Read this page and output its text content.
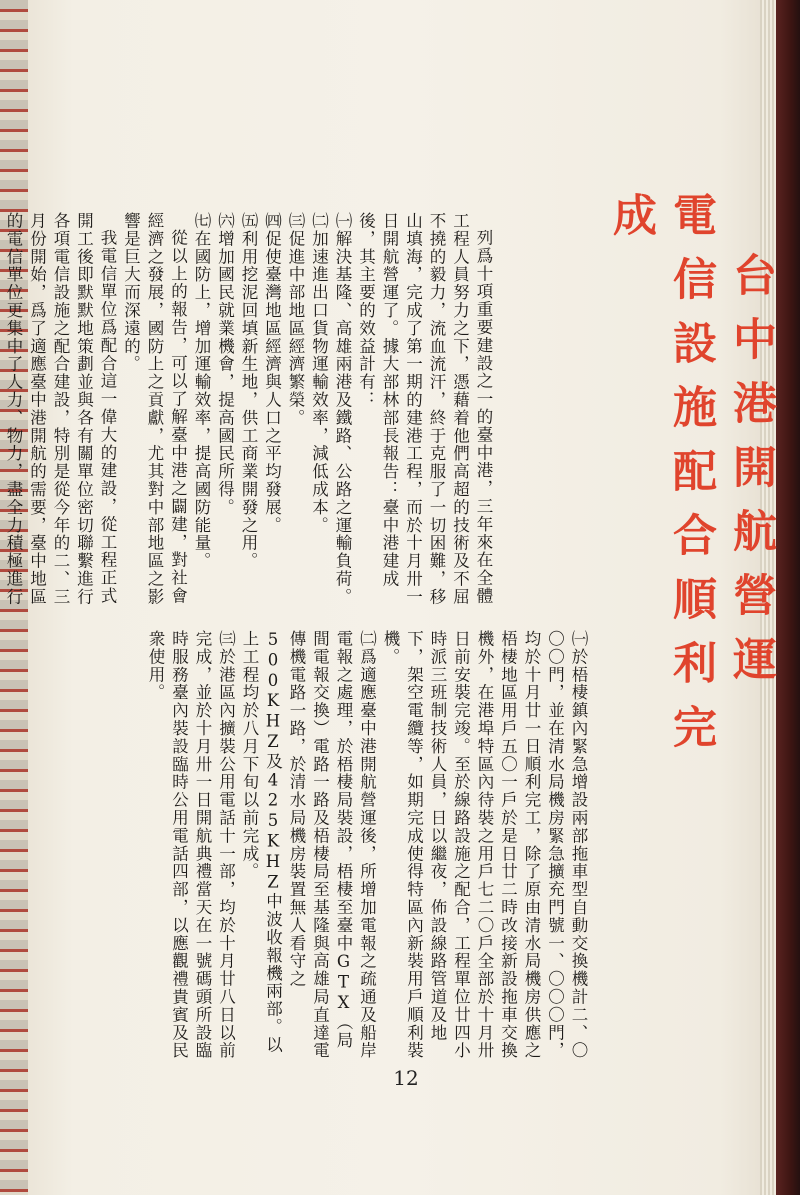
台中港開航營運
電信設施配合順利完成

列爲十項重要建設之一的臺中港，三年來在全體工程人員努力之下，憑藉着他們高超的技術及不屈不撓的毅力，流血流汗，終于克服了一切困難，移山填海，完成了第一期的建港工程，而於十月卅一日開航營運了。據大部林部長報告：臺中港建成後，其主要的效益計有：

㈠解決基隆、高雄兩港及鐵路、公路之運輸負荷。

㈡加速進出口貨物運輸效率，減低成本。

㈢促進中部地區經濟繁榮。

㈣促使臺灣地區經濟與人口之平均發展。

㈤利用挖泥回填新生地，供工商業開發之用。

㈥增加國民就業機會，提高國民所得。

㈦在國防上，增加運輸效率，提高國防能量。

從以上的報告，可以了解臺中港之闢建，對社會經濟之發展，國防上之貢獻，尤其對中部地區之影響是巨大而深遠的。

我電信單位爲配合這一偉大的建設，從工程正式開工後即默默地策劃並與各有關單位密切聯繫進行各項電信設施之配合建設，特別是從今年的二、三月份開始，爲了適應臺中港開航的需要，臺中地區的電信單位更集中了人力、物力，盡全力積極進行

㈠於梧棲鎮內緊急增設兩部拖車型自動交換機計二、〇〇〇門，並在清水局機房緊急擴充門號一、〇〇〇門，均於十月廿一日順利完工，除了原由清水局機房供應之梧棲地區用戶五〇一戶於是日廿二時改接新設拖車交換機外，在港埠特區內待裝之用戶七二〇戶全部於十月卅日前安裝完竣。至於線路設施之配合，工程單位廿四小時派三班制技術人員，日以繼夜，佈設線路管道及地下，架空電纜等，如期完成使得特區內新裝用戶順利裝機。

㈡爲適應臺中港開航營運後，所增加電報之疏通及船岸電報之處理，於梧棲局裝設，梧棲至臺中GTX（局間電報交換）電路一路及梧棲局至基隆與高雄局直達電傳機電路一路，於清水局機房裝置無人看守之500KHZ及425KHZ中波收報機兩部。以上工程均於八月下旬以前完成。

㈢於港區內擴裝公用電話十一部，均於十月廿八日以前完成，並於十月卅一日開航典禮當天在一號碼頭所設臨時服務臺內裝設臨時公用電話四部，以應觀禮貴賓及民衆使用。

12
